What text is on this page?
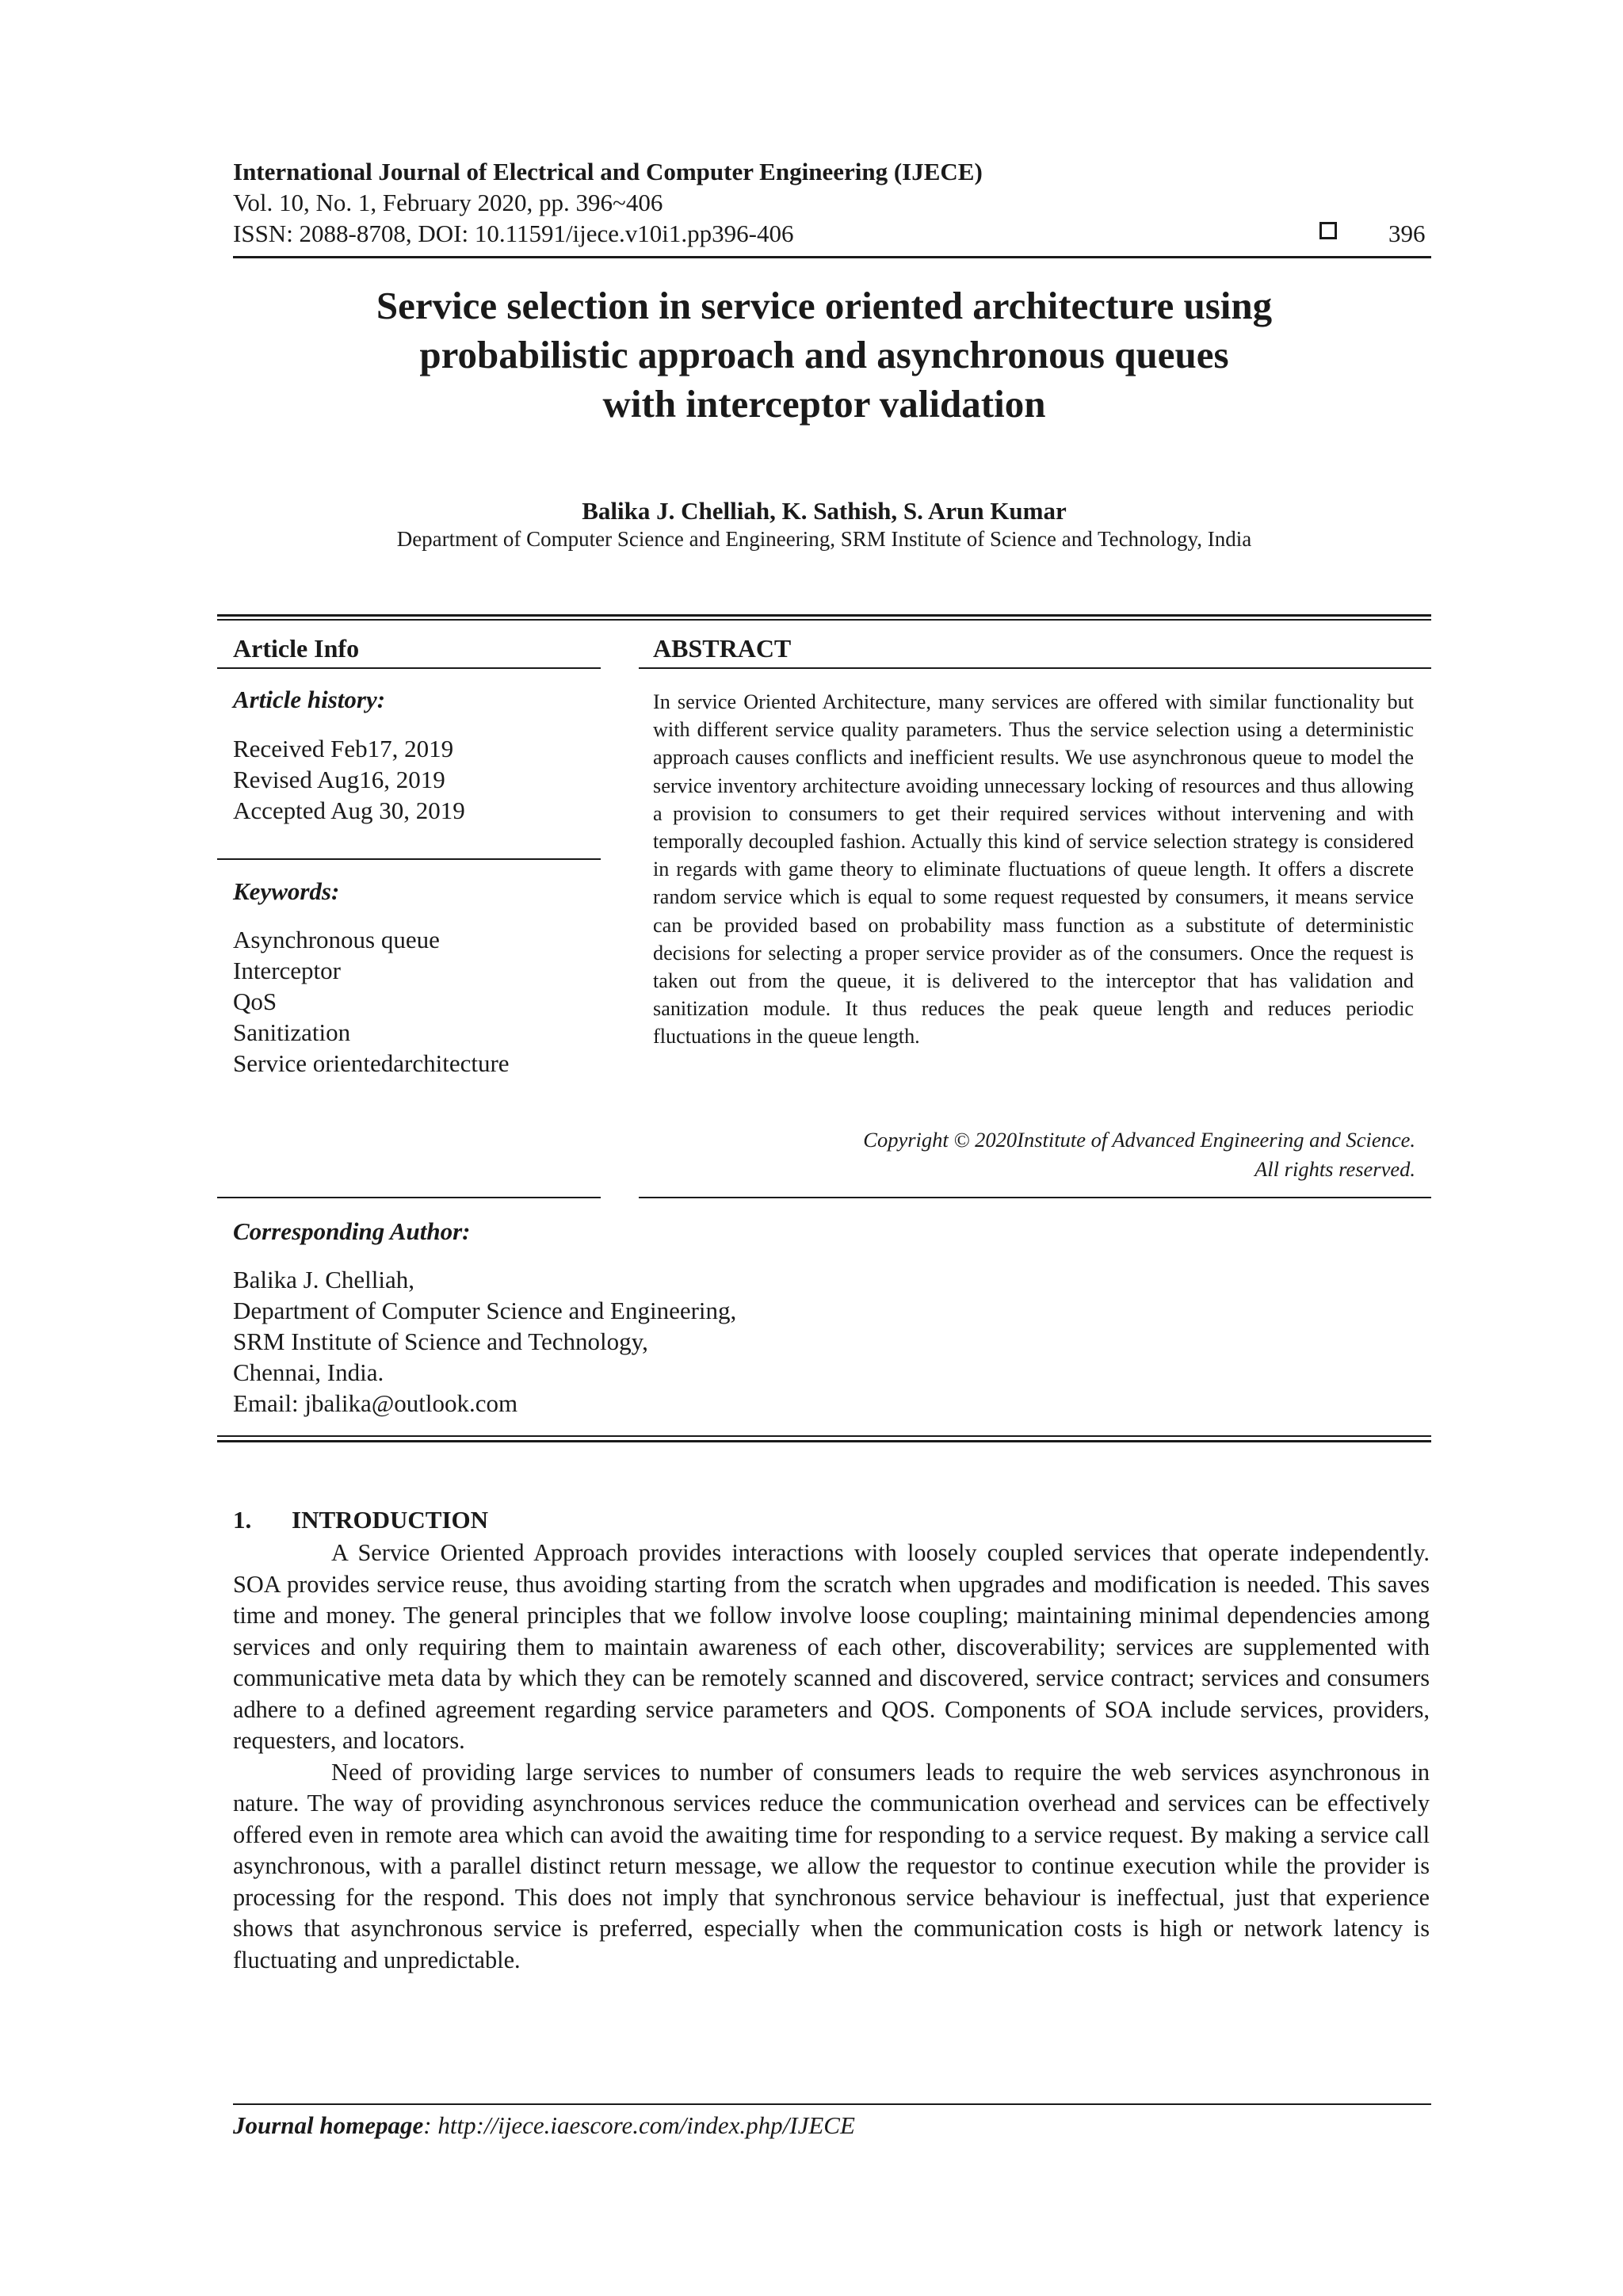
International Journal of Electrical and Computer Engineering (IJECE)
Vol. 10, No. 1, February 2020, pp. 396~406
ISSN: 2088-8708, DOI: 10.11591/ijece.v10i1.pp396-406	396
Service selection in service oriented architecture using
probabilistic approach and asynchronous queues
with interceptor validation
Balika J. Chelliah, K. Sathish, S. Arun Kumar
Department of Computer Science and Engineering, SRM Institute of Science and Technology, India
Article Info
Article history:
Received Feb17, 2019
Revised Aug16, 2019
Accepted Aug 30, 2019
Keywords:
Asynchronous queue
Interceptor
QoS
Sanitization
Service orientedarchitecture
ABSTRACT
In service Oriented Architecture, many services are offered with similar functionality but with different service quality parameters. Thus the service selection using a deterministic approach causes conflicts and inefficient results. We use asynchronous queue to model the service inventory architecture avoiding unnecessary locking of resources and thus allowing a provision to consumers to get their required services without intervening and with temporally decoupled fashion. Actually this kind of service selection strategy is considered in regards with game theory to eliminate fluctuations of queue length. It offers a discrete random service which is equal to some request requested by consumers, it means service can be provided based on probability mass function as a substitute of deterministic decisions for selecting a proper service provider as of the consumers. Once the request is taken out from the queue, it is delivered to the interceptor that has validation and sanitization module. It thus reduces the peak queue length and reduces periodic fluctuations in the queue length.
Copyright © 2020Institute of Advanced Engineering and Science.
All rights reserved.
Corresponding Author:
Balika J. Chelliah,
Department of Computer Science and Engineering,
SRM Institute of Science and Technology,
Chennai, India.
Email: jbalika@outlook.com
1. INTRODUCTION

A Service Oriented Approach provides interactions with loosely coupled services that operate independently. SOA provides service reuse, thus avoiding starting from the scratch when upgrades and modification is needed. This saves time and money. The general principles that we follow involve loose coupling; maintaining minimal dependencies among services and only requiring them to maintain awareness of each other, discoverability; services are supplemented with communicative meta data by which they can be remotely scanned and discovered, service contract; services and consumers adhere to a defined agreement regarding service parameters and QOS. Components of SOA include services, providers, requesters, and locators.

Need of providing large services to number of consumers leads to require the web services asynchronous in nature. The way of providing asynchronous services reduce the communication overhead and services can be effectively offered even in remote area which can avoid the awaiting time for responding to a service request. By making a service call asynchronous, with a parallel distinct return message, we allow the requestor to continue execution while the provider is processing for the respond. This does not imply that synchronous service behaviour is ineffectual, just that experience shows that asynchronous service is preferred, especially when the communication costs is high or network latency is fluctuating and unpredictable.

Journal homepage: http://ijece.iaescore.com/index.php/IJECE
